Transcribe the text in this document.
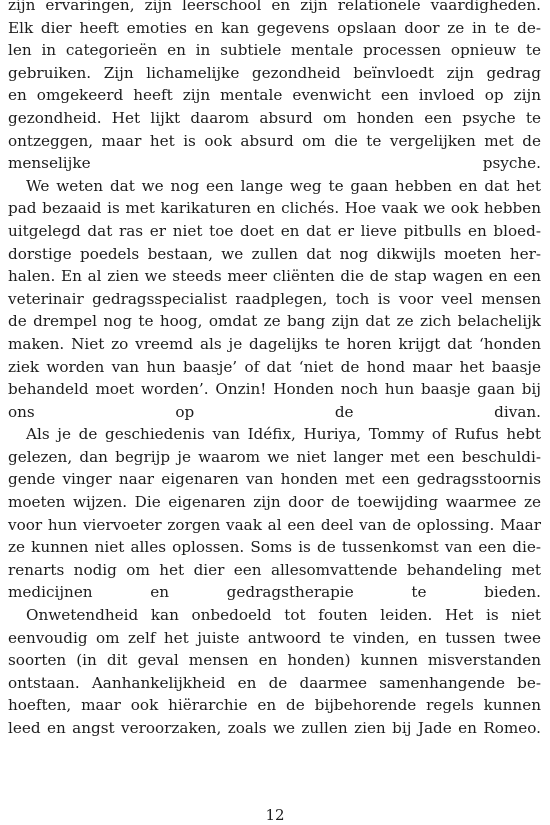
zijn ervaringen, zijn leerschool en zijn relationele vaardigheden.
Elk dier heeft emoties en kan gegevens opslaan door ze in te de-
len in categorieën en in subtiele mentale processen opnieuw te
gebruiken. Zijn lichamelijke gezondheid beïnvloedt zijn gedrag
en omgekeerd heeft zijn mentale evenwicht een invloed op zijn
gezondheid. Het lijkt daarom absurd om honden een psyche te
ontzeggen, maar het is ook absurd om die te vergelijken met de
menselijke psyche.
We weten dat we nog een lange weg te gaan hebben en dat het
pad bezaaid is met karikaturen en clichés. Hoe vaak we ook hebben
uitgelegd dat ras er niet toe doet en dat er lieve pitbulls en bloed-
dorstige poedels bestaan, we zullen dat nog dikwijls moeten her-
halen. En al zien we steeds meer cliënten die de stap wagen en een
veterinair gedragsspecialist raadplegen, toch is voor veel mensen
de drempel nog te hoog, omdat ze bang zijn dat ze zich belachelijk
maken. Niet zo vreemd als je dagelijks te horen krijgt dat ‘honden
ziek worden van hun baasje’ of dat ‘niet de hond maar het baasje
behandeld moet worden’. Onzin! Honden noch hun baasje gaan bij
ons op de divan.
Als je de geschiedenis van Idéfix, Huriya, Tommy of Rufus hebt
gelezen, dan begrijp je waarom we niet langer met een beschuldi-
gende vinger naar eigenaren van honden met een gedragsstoornis
moeten wijzen. Die eigenaren zijn door de toewijding waarmee ze
voor hun viervoeter zorgen vaak al een deel van de oplossing. Maar
ze kunnen niet alles oplossen. Soms is de tussenkomst van een die-
renarts nodig om het dier een allesomvattende behandeling met
medicijnen en gedragstherapie te bieden.
Onwetendheid kan onbedoeld tot fouten leiden. Het is niet
eenvoudig om zelf het juiste antwoord te vinden, en tussen twee
soorten (in dit geval mensen en honden) kunnen misverstanden
ontstaan. Aanhankelijkheid en de daarmee samenhangende be-
hoeften, maar ook hiërarchie en de bijbehorende regels kunnen
leed en angst veroorzaken, zoals we zullen zien bij Jade en Romeo.
12
